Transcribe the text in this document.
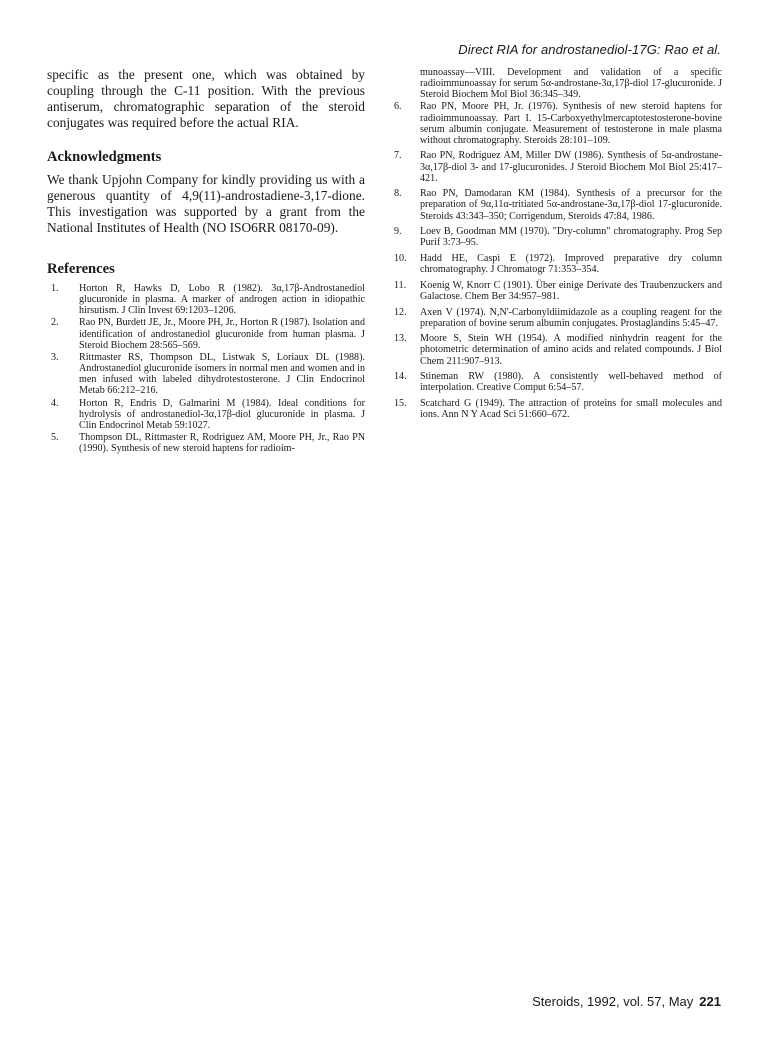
Direct RIA for androstanediol-17G: Rao et al.

specific as the present one, which was obtained by coupling through the C-11 position. With the previous antiserum, chromatographic separation of the steroid conjugates was required before the actual RIA.

Acknowledgments

We thank Upjohn Company for kindly providing us with a generous quantity of 4,9(11)-androstadiene-3,17-dione. This investigation was supported by a grant from the National Institutes of Health (NO ISO6RR 08170-09).

References
1. Horton R, Hawks D, Lobo R (1982). 3α,17β-Androstanediol glucuronide in plasma. A marker of androgen action in idiopathic hirsutism. J Clin Invest 69:1203–1206.
2. Rao PN, Burdett JE, Jr., Moore PH, Jr., Horton R (1987). Isolation and identification of androstanediol glucuronide from human plasma. J Steroid Biochem 28:565–569.
3. Rittmaster RS, Thompson DL, Listwak S, Loriaux DL (1988). Androstanediol glucuronide isomers in normal men and women and in men infused with labeled dihydrotestosterone. J Clin Endocrinol Metab 66:212–216.
4. Horton R, Endris D, Galmarini M (1984). Ideal conditions for hydrolysis of androstanediol-3α,17β-diol glucuronide in plasma. J Clin Endocrinol Metab 59:1027.
5. Thompson DL, Rittmaster R, Rodriguez AM, Moore PH, Jr., Rao PN (1990). Synthesis of new steroid haptens for radioim-
munoassay—VIII. Development and validation of a specific radioimmunoassay for serum 5α-androstane-3α,17β-diol 17-glucuronide. J Steroid Biochem Mol Biol 36:345–349.
6. Rao PN, Moore PH, Jr. (1976). Synthesis of new steroid haptens for radioimmunoassay. Part I. 15-Carboxyethylmercaptotestosterone-bovine serum albumin conjugate. Measurement of testosterone in male plasma without chromatography. Steroids 28:101–109.
7. Rao PN, Rodriguez AM, Miller DW (1986). Synthesis of 5α-androstane-3α,17β-diol 3- and 17-glucuronides. J Steroid Biochem Mol Biol 25:417–421.
8. Rao PN, Damodaran KM (1984). Synthesis of a precursor for the preparation of 9α,11α-tritiated 5α-androstane-3α,17β-diol 17-glucuronide. Steroids 43:343–350; Corrigendum, Steroids 47:84, 1986.
9. Loev B, Goodman MM (1970). "Dry-column" chromatography. Prog Sep Purif 3:73–95.
10. Hadd HE, Caspi E (1972). Improved preparative dry column chromatography. J Chromatogr 71:353–354.
11. Koenig W, Knorr C (1901). Über einige Derivate des Traubenzuckers and Galactose. Chem Ber 34:957–981.
12. Axen V (1974). N,N'-Carbonyldiimidazole as a coupling reagent for the preparation of bovine serum albumin conjugates. Prostaglandins 5:45–47.
13. Moore S, Stein WH (1954). A modified ninhydrin reagent for the photometric determination of amino acids and related compounds. J Biol Chem 211:907–913.
14. Stineman RW (1980). A consistently well-behaved method of interpolation. Creative Comput 6:54–57.
15. Scatchard G (1949). The attraction of proteins for small molecules and ions. Ann N Y Acad Sci 51:660–672.
Steroids, 1992, vol. 57, May 221
